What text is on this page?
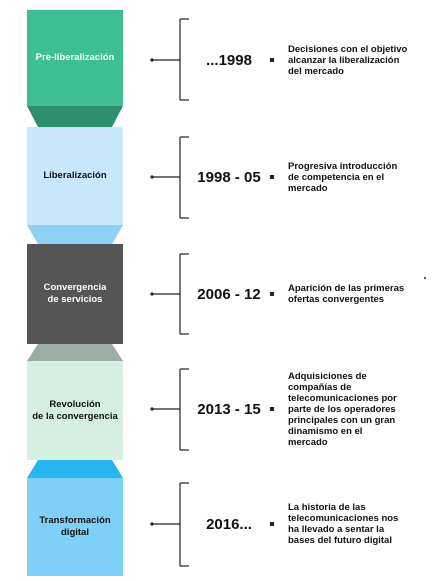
Pre-liberalización
Liberalización
Convergencia
de servicios
Revolución
de la convergencia
Transformación
digital
...1998
1998 - 05
2006 - 12
2013 - 15
2016...
Decisiones con el objetivo
alcanzar la liberalización
del mercado
Progresiva introducción
de competencia en el
mercado
Aparición de las primeras
ofertas convergentes
Adquisiciones de
compañías de
telecomunicaciones por
parte de los operadores
principales con un gran
dinamismo en el
mercado
La historia de las
telecomunicaciones nos
ha llevado a sentar la
bases del futuro digital
